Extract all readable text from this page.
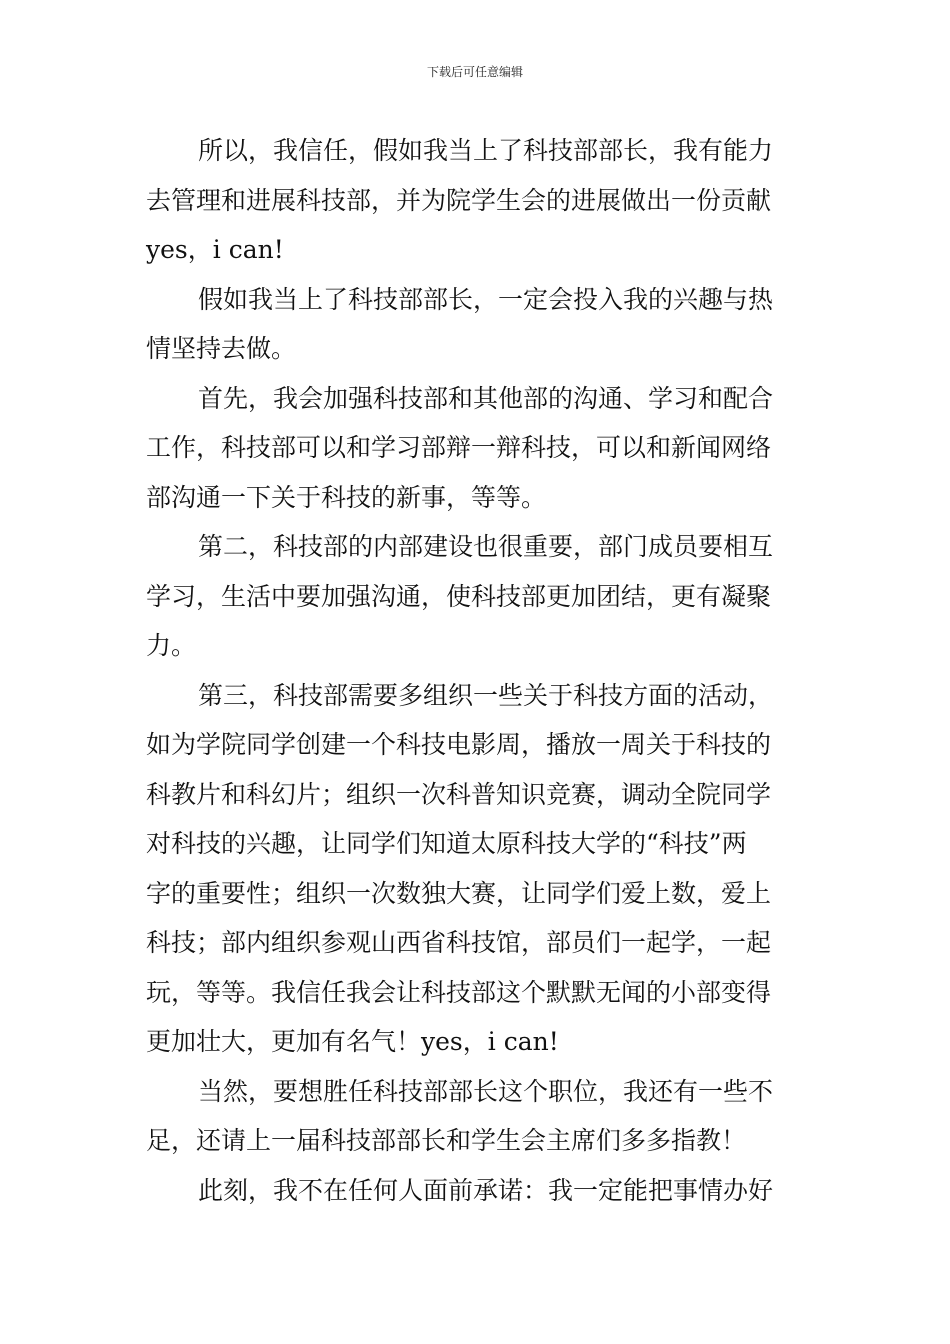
下载后可任意编辑
所以，我信任，假如我当上了科技部部长，我有能力
去管理和进展科技部，并为院学生会的进展做出一份贡献
yes，i can!
假如我当上了科技部部长，一定会投入我的兴趣与热
情坚持去做。
首先，我会加强科技部和其他部的沟通、学习和配合
工作，科技部可以和学习部辩一辩科技，可以和新闻网络
部沟通一下关于科技的新事，等等。
第二，科技部的内部建设也很重要，部门成员要相互
学习，生活中要加强沟通，使科技部更加团结，更有凝聚
力。
第三，科技部需要多组织一些关于科技方面的活动，
如为学院同学创建一个科技电影周，播放一周关于科技的
科教片和科幻片；组织一次科普知识竞赛，调动全院同学
对科技的兴趣，让同学们知道太原科技大学的“科技”两
字的重要性；组织一次数独大赛，让同学们爱上数，爱上
科技；部内组织参观山西省科技馆，部员们一起学，一起
玩，等等。我信任我会让科技部这个默默无闻的小部变得
更加壮大，更加有名气！yes，i can!
当然，要想胜任科技部部长这个职位，我还有一些不
足，还请上一届科技部部长和学生会主席们多多指教！
此刻，我不在任何人面前承诺：我一定能把事情办好
